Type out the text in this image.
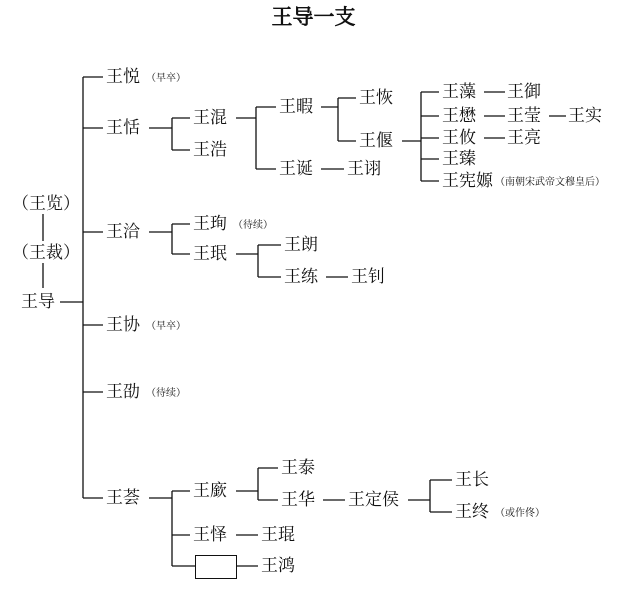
王导一支
（王览）
（王裁）
王导
王悦 （早卒）
王恬
王洽
王协 （早卒）
王劭 （待续）
王荟
王混
王浩
王珣 （待续）
王珉
王廞
王怿
王暇
王诞
王朗
王练
王泰
王华
王琨
王鸿
王恢
王偃
王诩
王钊
王定侯
王藻
王懋
王攸
王臻
王宪嫄 （南朝宋武帝文穆皇后）
王长
王终 （或作佟）
王御
王莹
王亮
王实
